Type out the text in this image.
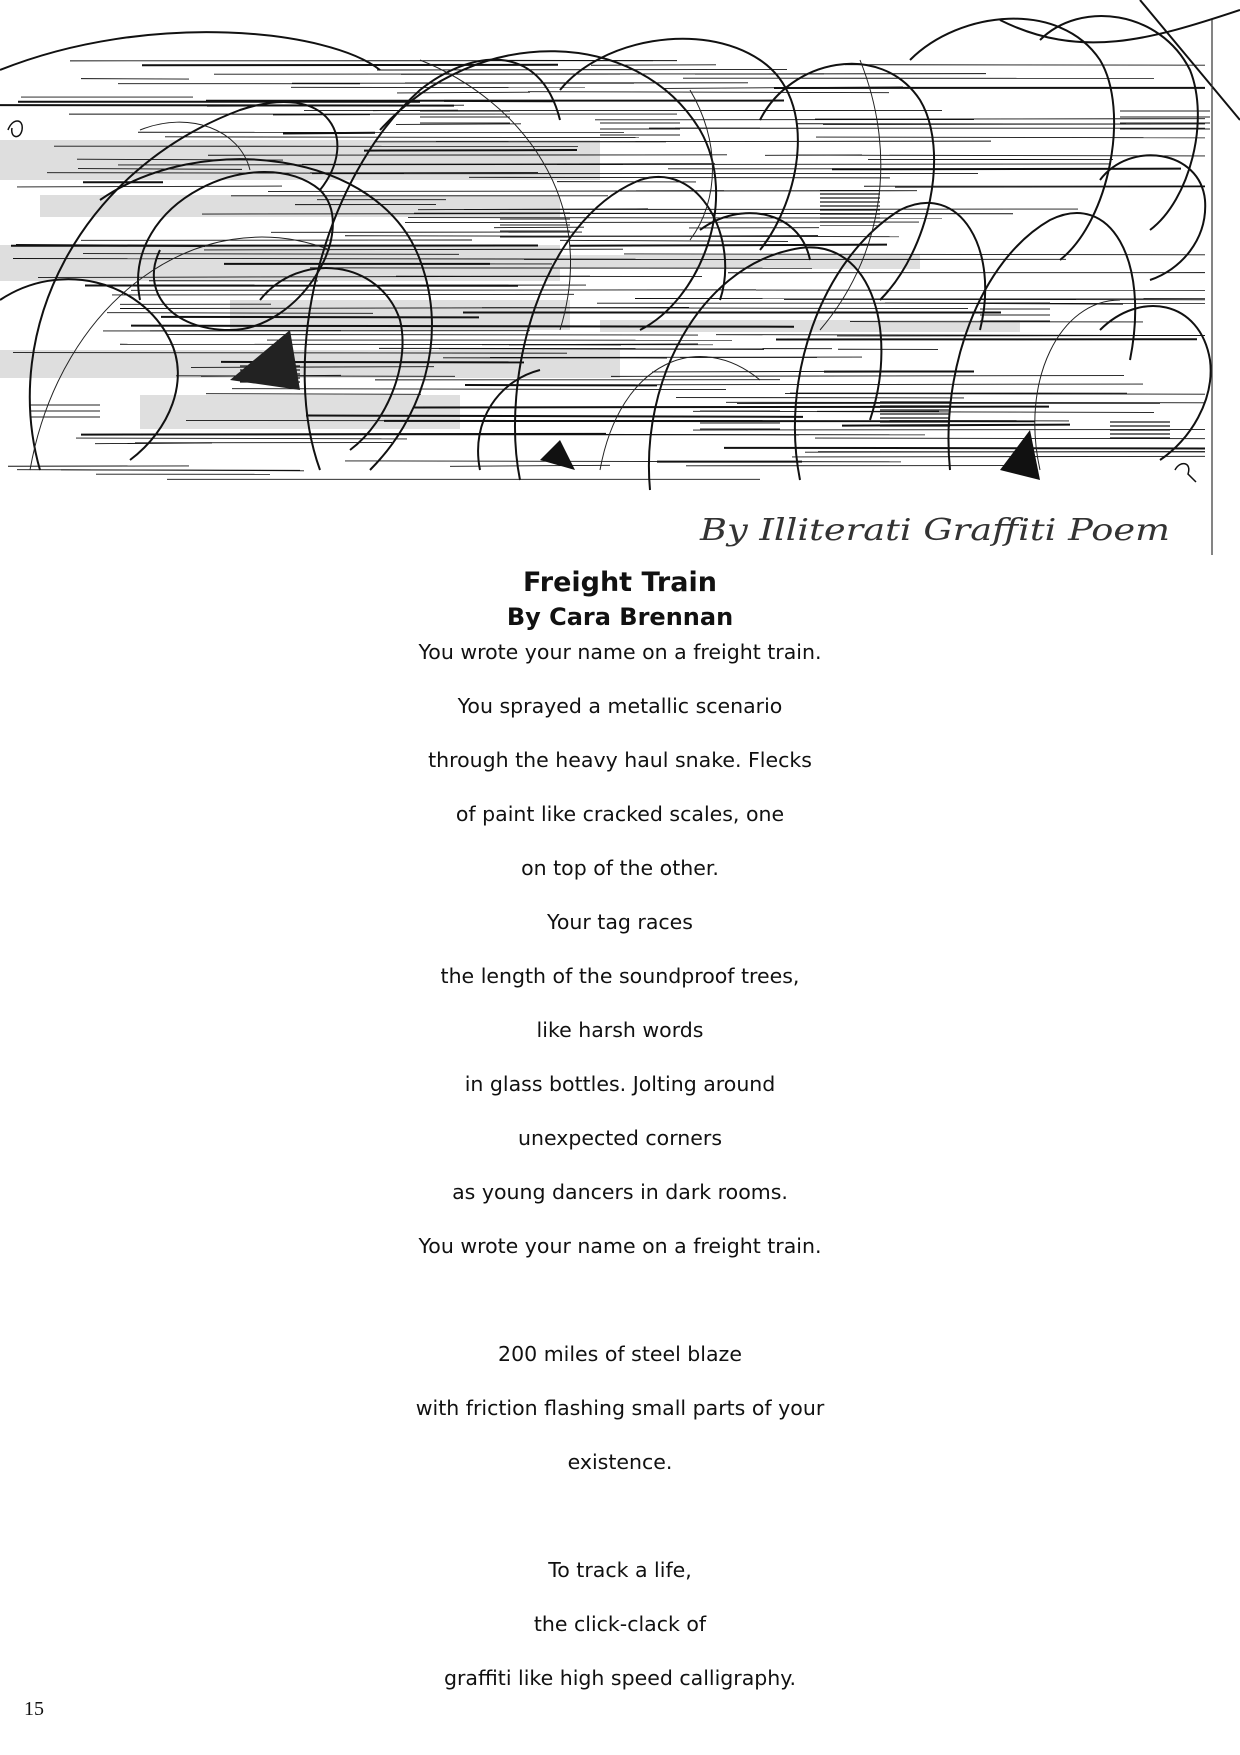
By Illiterati Graffiti Poem
Freight Train
By Cara Brennan
You wrote your name on a freight train.
You sprayed a metallic scenario
through the heavy haul snake. Flecks
of paint like cracked scales, one
on top of the other.
Your tag races
the length of the soundproof trees,
like harsh words
in glass bottles. Jolting around
unexpected corners
as young dancers in dark rooms.
You wrote your name on a freight train.
200 miles of steel blaze
with friction flashing small parts of your
existence.
To track a life,
the click-clack of
graffiti like high speed calligraphy.
15
